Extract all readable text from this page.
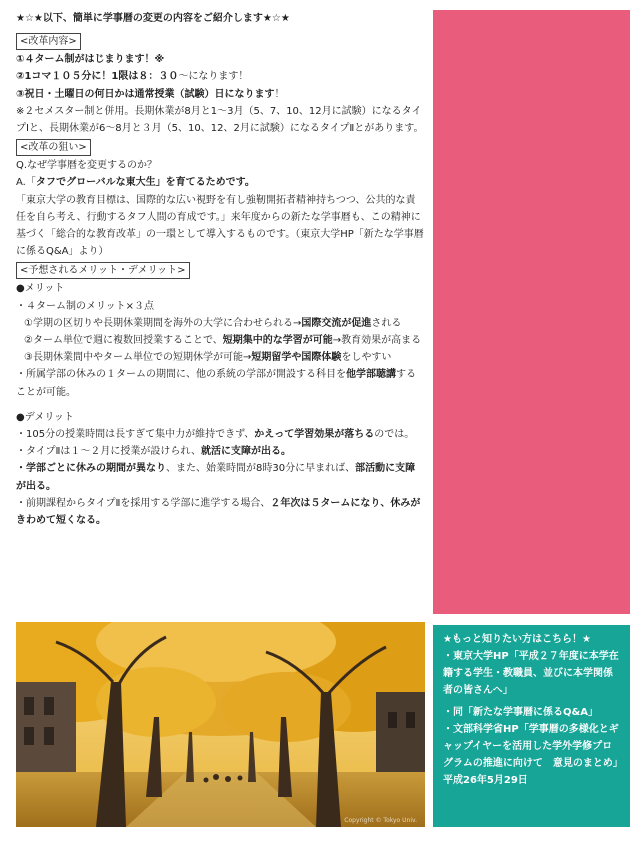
★☆★以下、簡単に学事暦の変更の内容をご紹介します★☆★

<改革内容>

①４ターム制がはじまります！※

②1コマ１０５分に！1限は８：３０〜になります！

③祝日・土曜日の何日かは通常授業（試験）日になります！

※２セメスター制と併用。長期休業が8月と1〜3月（5、7、10、12月に試験）になるタイプⅠと、長期休業が6〜8月と３月（5、10、12、2月に試験）になるタイプⅡとがあります。

<改革の狙い>

Q.なぜ学事暦を変更するのか？

A.「タフでグローバルな東大生」を育てるためです。

「東京大学の教育目標は、国際的な広い視野を有し強靭開拓者精神持ちつつ、公共的な責任を自ら考え、行動するタフ人間の育成です。」来年度からの新たな学事暦も、この精神に基づく「総合的な教育改革」の一環として導入するものです。（東京大学HP「新たな学事暦に係るQ&A」より）

<予想されるメリット・デメリット>

●メリット

・４ターム制のメリット×３点

①学期の区切りや長期休業期間を海外の大学に合わせられる→国際交流が促進される

②ターム単位で週に複数回授業することで、短期集中的な学習が可能→教育効果が高まる

③長期休業間中やターム単位での短期休学が可能→短期留学や国際体験をしやすい

・所属学部の休みの１タームの期間に、他の系統の学部が開設する科目を他学部聴講することが可能。

●デメリット

・105分の授業時間は長すぎて集中力が維持できず、かえって学習効果が落ちるのでは。

・タイプⅡは１〜２月に授業が設けられ、就活に支障が出る。

・学部ごとに休みの期間が異なり、また、始業時間が8時30分に早まれば、部活動に支障が出る。

・前期課程からタイプⅡを採用する学部に進学する場合、２年次は５タームになり、休みがきわめて短くなる。

Copyright © Tokyo Univ.

★もっと知りたい方はこちら！★

・東京大学HP「平成２７年度に本学在籍する学生・教職員、並びに本学関係者の皆さんへ」

・同「新たな学事暦に係るQ&A」

・文部科学省HP「学事暦の多様化とギャップイヤーを活用した学外学修プログラムの推進に向けて　意見のまとめ」平成26年5月29日
